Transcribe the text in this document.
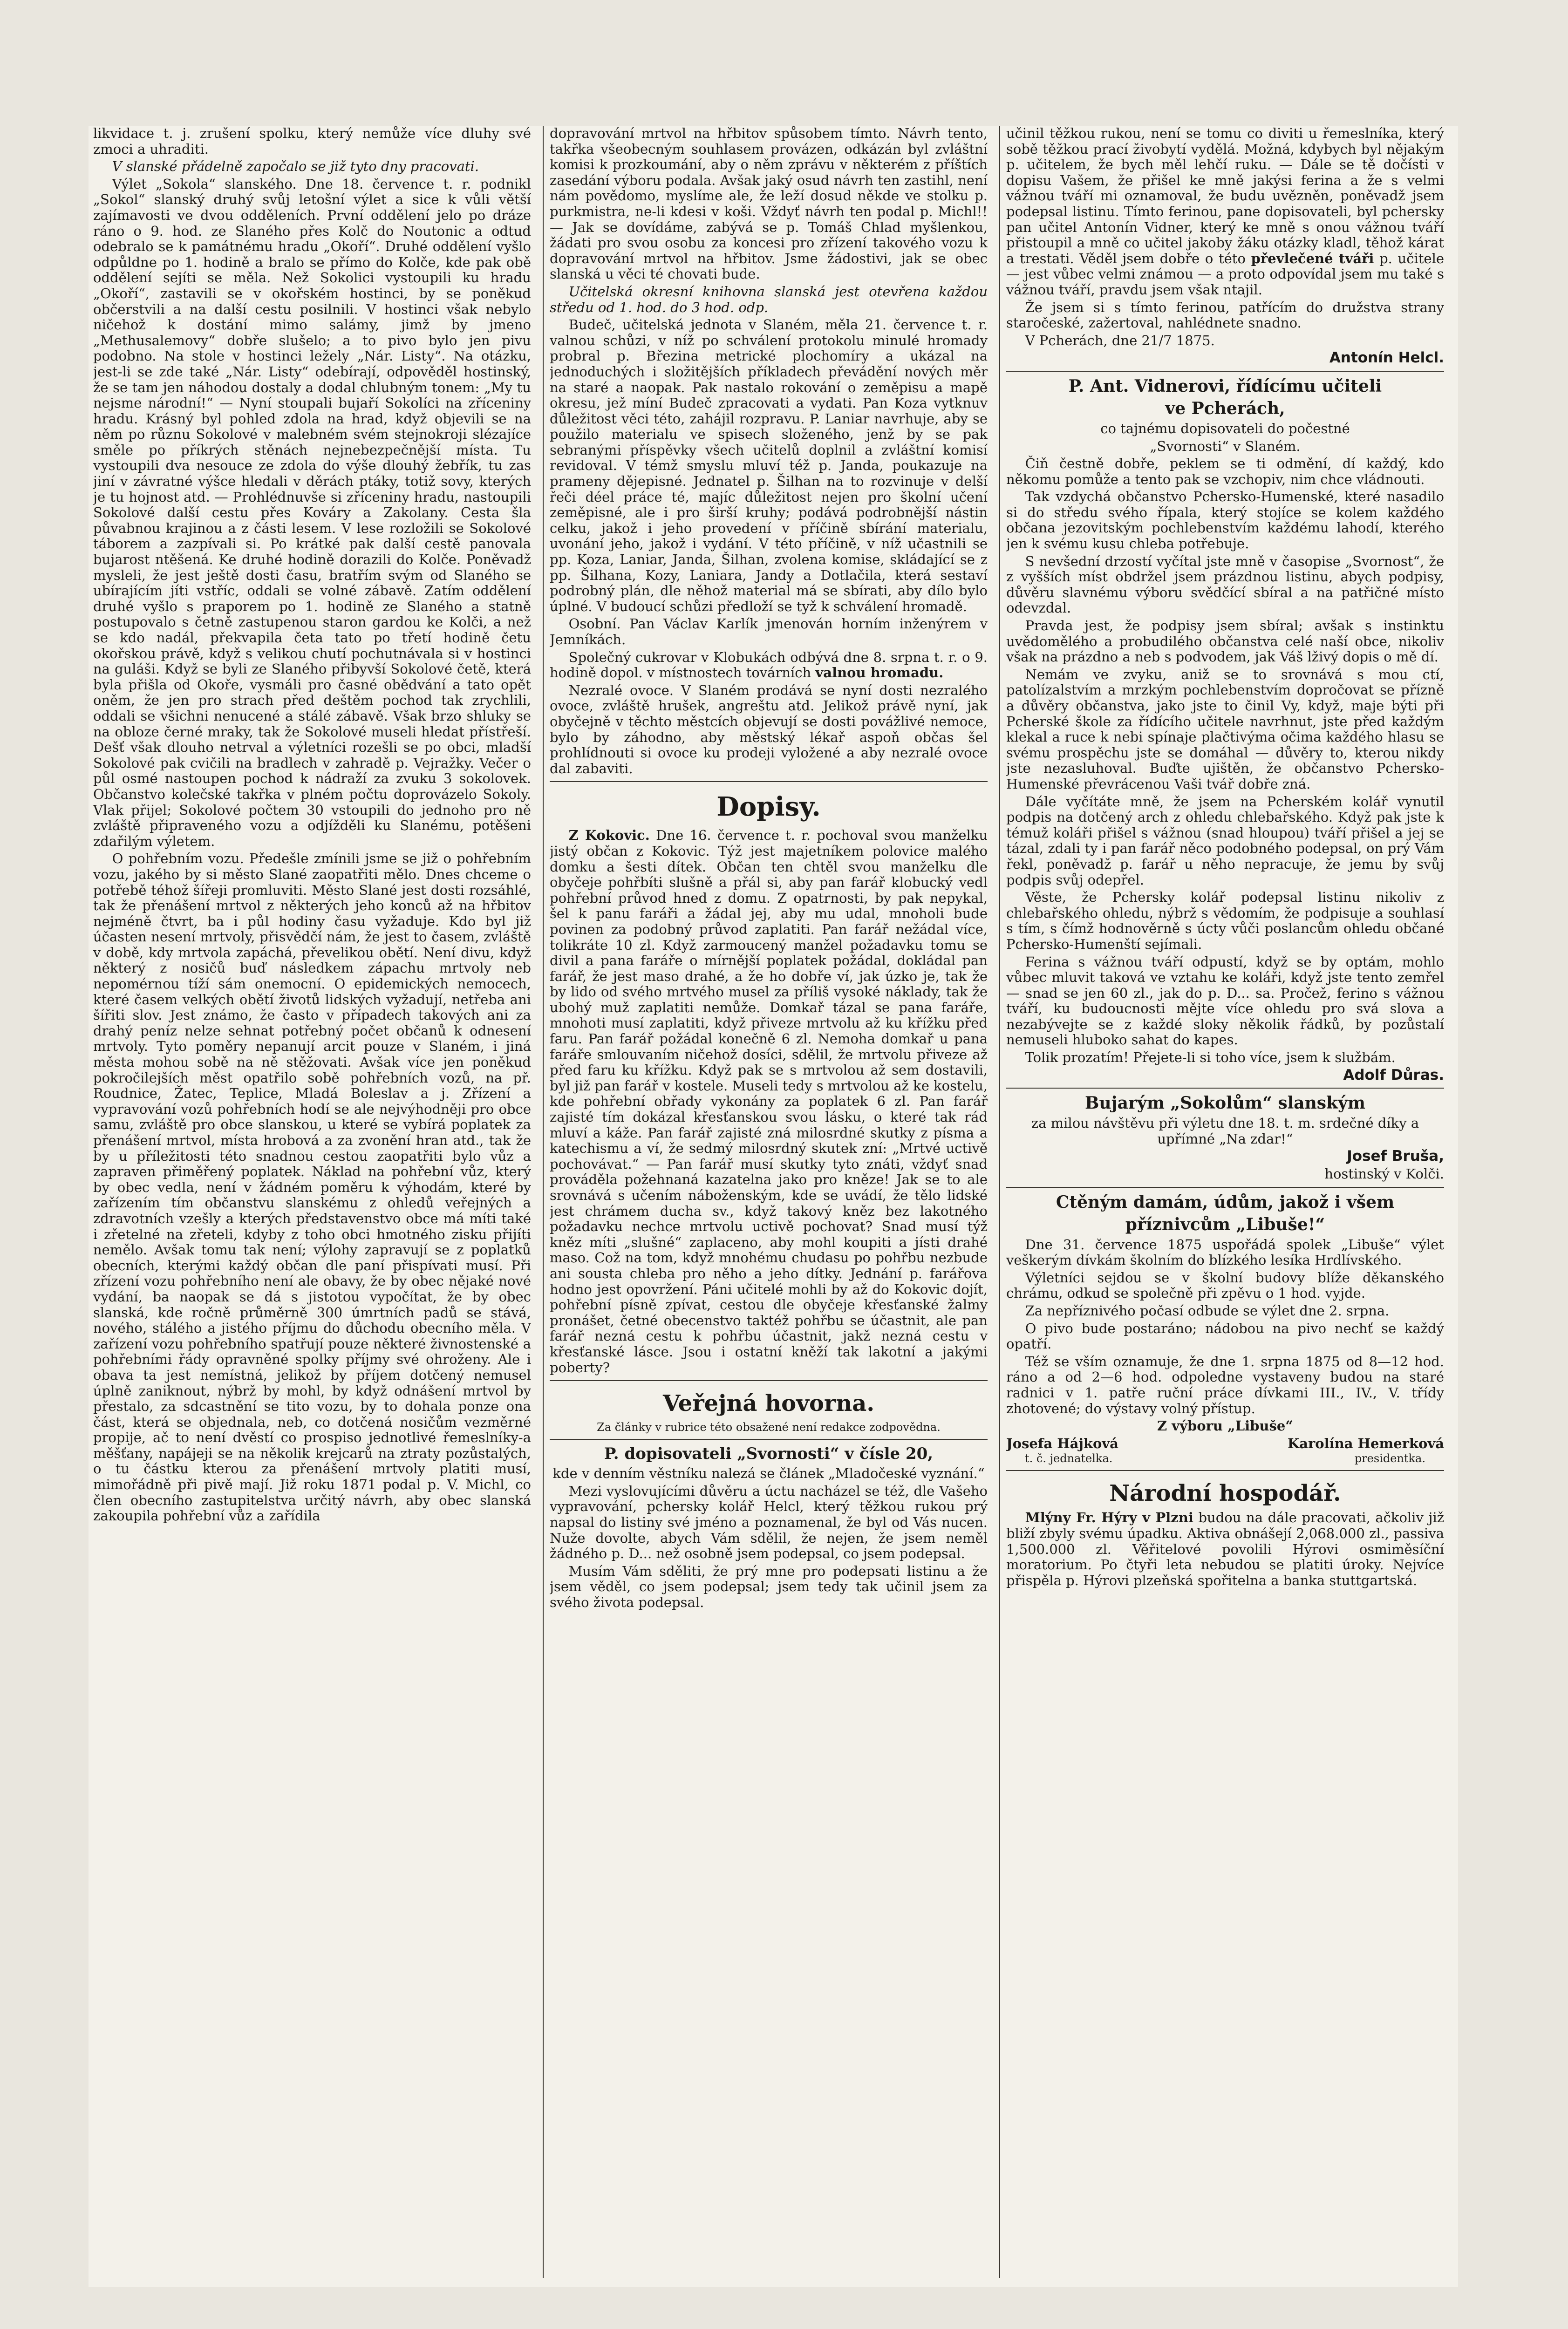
likvidace t. j. zrušení spolku, který nemůže více dluhy své zmoci a uhraditi.

V slanské přádelně započalo se již tyto dny pracovati.

Výlet „Sokola“ slanského. Dne 18. července t. r. podnikl „Sokol“ slanský druhý svůj letošní výlet a sice k vůli větší zajímavosti ve dvou odděleních. První oddělení jelo po dráze ráno o 9. hod. ze Slaného přes Kolč do Noutonic a odtud odebralo se k památnému hradu „Okoří“. Druhé oddělení vyšlo odpůldne po 1. hodině a bralo se přímo do Kolče, kde pak obě oddělení sejíti se měla. Než Sokolici vystoupili ku hradu „Okoří“, zastavili se v okořském hostinci, by se poněkud občerstvili a na další cestu posilnili. V hostinci však nebylo ničehož k dostání mimo salámy, jimž by jmeno „Methusalemovy“ dobře slušelo; a to pivo bylo jen pivu podobno. Na stole v hostinci ležely „Nár. Listy“. Na otázku, jest-li se zde také „Nár. Listy“ odebírají, odpověděl hostinský, že se tam jen náhodou dostaly a dodal chlubným tonem: „My tu nejsme národní!“ — Nyní stoupali bujaří Sokolíci na zříceniny hradu. Krásný byl pohled zdola na hrad, když objevili se na něm po různu Sokolové v malebném svém stejnokroji slézajíce směle po příkrých stěnách nejnebezpečnější místa. Tu vystoupili dva nesouce ze zdola do výše dlouhý žebřík, tu zas jiní v závratné výšce hledali v děrách ptáky, totiž sovy, kterých je tu hojnost atd. — Prohlédnuvše si zříceniny hradu, nastoupili Sokolové další cestu přes Kováry a Zakolany. Cesta šla půvabnou krajinou a z části lesem. V lese rozložili se Sokolové táborem a zazpívali si. Po krátké pak další cestě panovala bujarost ntěšená. Ke druhé hodině dorazili do Kolče. Poněvadž mysleli, že jest ještě dosti času, bratřím svým od Slaného se ubírajícím jíti vstříc, oddali se volné zábavě. Zatím oddělení druhé vyšlo s praporem po 1. hodině ze Slaného a statně postupovalo s četně zastupenou staron gardou ke Kolči, a než se kdo nadál, překvapila četa tato po třetí hodině četu okořskou právě, když s velikou chutí pochutnávala si v hostinci na guláši. Když se byli ze Slaného přibyvší Sokolové četě, která byla přišla od Okoře, vysmáli pro časné obědvání a tato opět oněm, že jen pro strach před deštěm pochod tak zrychlili, oddali se všichni nenucené a stálé zábavě. Však brzo shluky se na obloze černé mraky, tak že Sokolové museli hledat přístřeší. Dešť však dlouho netrval a výletníci rozešli se po obci, mladší Sokolové pak cvičili na bradlech v zahradě p. Vejražky. Večer o půl osmé nastoupen pochod k nádraží za zvuku 3 sokolovek. Občanstvo kolečské takřka v plném počtu doprovázelo Sokoly. Vlak přijel; Sokolové počtem 30 vstoupili do jednoho pro ně zvláště připraveného vozu a odjížděli ku Slanému, potěšeni zdařilým výletem.

O pohřebním vozu. Předešle zmínili jsme se již o pohřebním vozu, jakého by si město Slané zaopatřiti mělo. Dnes chceme o potřebě téhož šířeji promluviti. Město Slané jest dosti rozsáhlé, tak že přenášení mrtvol z některých jeho konců až na hřbitov nejméně čtvrt, ba i půl hodiny času vyžaduje. Kdo byl již účasten nesení mrtvoly, přisvědčí nám, že jest to časem, zvláště v době, kdy mrtvola zapáchá, převelikou obětí. Není divu, když některý z nosičů buď následkem zápachu mrtvoly neb nepomérnou tíží sám onemocní. O epidemických nemocech, které časem velkých obětí životů lidských vyžadují, netřeba ani šířiti slov. Jest známo, že často v případech takových ani za drahý peníz nelze sehnat potřebný počet občanů k odnesení mrtvoly. Tyto poměry nepanují arcit pouze v Slaném, i jiná města mohou sobě na ně stěžovati. Avšak více jen poněkud pokročilejších měst opatřilo sobě pohřebních vozů, na př. Roudnice, Žatec, Teplice, Mladá Boleslav a j. Zřízení a vypravování vozů pohřebních hodí se ale nejvýhodněji pro obce samu, zvláště pro obce slanskou, u které se vybírá poplatek za přenášení mrtvol, místa hrobová a za zvonění hran atd., tak že by u příležitosti této snadnou cestou zaopatřiti bylo vůz a zapraven přiměřený poplatek. Náklad na pohřební vůz, který by obec vedla, není v žádném poměru k výhodám, které by zařízením tím občanstvu slanskému z ohledů veřejných a zdravotních vzešly a kterých představenstvo obce má míti také i zřetelné na zřeteli, kdyby z toho obci hmotného zisku přijíti nemělo. Avšak tomu tak není; výlohy zapravují se z poplatků obecních, kterými každý občan dle paní přispívati musí. Při zřízení vozu pohřebního není ale obavy, že by obec nějaké nové vydání, ba naopak se dá s jistotou vypočítat, že by obec slanská, kde ročně průměrně 300 úmrtních padů se stává, nového, stálého a jistého příjmu do důchodu obecního měla. V zařízení vozu pohřebního spatřují pouze některé živnostenské a pohřebními řády opravněné spolky příjmy své ohroženy. Ale i obava ta jest nemístná, jelikož by příjem dotčený nemusel úplně zaniknout, nýbrž by mohl, by když odnášení mrtvol by přestalo, za sdcastnění se tito vozu, by to dohala ponze ona část, která se objednala, neb, co dotčená nosičům vezměrné propije, ač to není dvěstí co prospiso jednotlivé řemeslníky-a měšťany, napájeji se na několik krejcarů na ztraty pozůstalých, o tu částku kterou za přenášení mrtvoly platiti musí, mimořádně při pivě mají. Již roku 1871 podal p. V. Michl, co člen obecního zastupitelstva určitý návrh, aby obec slanská zakoupila pohřební vůz a zařídila

dopravování mrtvol na hřbitov spůsobem tímto. Návrh tento, takřka všeobecným souhlasem provázen, odkázán byl zvláštní komisi k prozkoumání, aby o něm zprávu v některém z příštích zasedání výboru podala. Avšak jaký osud návrh ten zastihl, není nám povědomo, myslíme ale, že leží dosud někde ve stolku p. purkmistra, ne-li kdesi v koši. Vždyť návrh ten podal p. Michl!! — Jak se dovídáme, zabývá se p. Tomáš Chlad myšlenkou, žádati pro svou osobu za koncesi pro zřízení takového vozu k dopravování mrtvol na hřbitov. Jsme žádostivi, jak se obec slanská u věci té chovati bude.

Učitelská okresní knihovna slanská jest otevřena každou středu od 1. hod. do 3 hod. odp.

Budeč, učitelská jednota v Slaném, měla 21. července t. r. valnou schůzi, v níž po schválení protokolu minulé hromady probral p. Březina metrické plochomíry a ukázal na jednoduchých i složitějších příkladech převádění nových měr na staré a naopak. Pak nastalo rokování o zeměpisu a mapě okresu, jež míní Budeč zpracovati a vydati. Pan Koza vytknuv důležitost věci této, zahájil rozpravu. P. Laniar navrhuje, aby se použilo materialu ve spisech složeného, jenž by se pak sebranými příspěvky všech učitelů doplnil a zvláštní komisí revidoval. V témž smyslu mluví též p. Janda, poukazuje na prameny dějepisné. Jednatel p. Šilhan na to rozvinuje v delší řeči déel práce té, majíc důležitost nejen pro školní učení zeměpisné, ale i pro širší kruhy; podává podrobnější nástin celku, jakož i jeho provedení v příčině sbírání materialu, uvonání jeho, jakož i vydání. V této příčině, v níž učastnili se pp. Koza, Laniar, Janda, Šilhan, zvolena komise, skládající se z pp. Šilhana, Kozy, Laniara, Jandy a Dotlačila, která sestaví podrobný plán, dle něhož material má se sbírati, aby dílo bylo úplné. V budoucí schůzi předloží se tyž k schválení hromadě.

Osobní. Pan Václav Karlík jmenován horním inženýrem v Jemníkách.

Společný cukrovar v Klobukách odbývá dne 8. srpna t. r. o 9. hodině dopol. v místnostech továrních valnou hromadu.

Nezralé ovoce. V Slaném prodává se nyní dosti nezralého ovoce, zvláště hrušek, angreštu atd. Jelikož právě nyní, jak obyčejně v těchto městcích objevují se dosti povážlivé nemoce, bylo by záhodno, aby městský lékař aspoň občas šel prohlídnouti si ovoce ku prodeji vyložené a aby nezralé ovoce dal zabaviti.

Dopisy.

Z Kokovic. Dne 16. července t. r. pochoval svou manželku jistý občan z Kokovic. Týž jest majetníkem polovice malého domku a šesti dítek. Občan ten chtěl svou manželku dle obyčeje pohřbíti slušně a přál si, aby pan farář klobucký vedl pohřební průvod hned z domu. Z opatrnosti, by pak nepykal, šel k panu faráři a žádal jej, aby mu udal, mnoholi bude povinen za podobný průvod zaplatiti. Pan farář nežádal více, tolikráte 10 zl. Když zarmoucený manžel požadavku tomu se divil a pana faráře o mírnější poplatek požádal, dokládal pan farář, že jest maso drahé, a že ho dobře ví, jak úzko je, tak že by lido od svého mrtvého musel za příliš vysoké náklady, tak že ubohý muž zaplatiti nemůže. Domkař tázal se pana faráře, mnohoti musí zaplatiti, když přiveze mrtvolu až ku křížku před faru. Pan farář požádal konečně 6 zl. Nemoha domkař u pana faráře smlouvaním ničehož dosíci, sdělil, že mrtvolu přiveze až před faru ku křížku. Když pak se s mrtvolou až sem dostavili, byl již pan farář v kostele. Museli tedy s mrtvolou až ke kostelu, kde pohřební obřady vykonány za poplatek 6 zl. Pan farář zajisté tím dokázal křesťanskou svou lásku, o které tak rád mluví a káže. Pan farář zajisté zná milosrdné skutky z písma a katechismu a ví, že sedmý milosrdný skutek zní: „Mrtvé uctivě pochovávat.“ — Pan farář musí skutky tyto znáti, vždyť snad prováděla požehnaná kazatelna jako pro kněze! Jak se to ale srovnává s učením náboženským, kde se uvádí, že tělo lidské jest chrámem ducha sv., když takový kněz bez lakotného požadavku nechce mrtvolu uctivě pochovat? Snad musí týž kněz míti „slušné“ zaplaceno, aby mohl koupiti a jísti drahé maso. Což na tom, když mnohému chudasu po pohřbu nezbude ani sousta chleba pro něho a jeho dítky. Jednání p. farářova hodno jest opovržení. Páni učitelé mohli by až do Kokovic dojít, pohřební písně zpívat, cestou dle obyčeje křesťanské žalmy pronášet, četné obecenstvo taktéž pohřbu se účastnit, ale pan farář nezná cestu k pohřbu účastnit, jakž nezná cestu v křesťanské lásce. Jsou i ostatní kněží tak lakotní a jakými poberty?

Veřejná hovorna.

Za články v rubrice této obsažené není redakce zodpovědna.

P. dopisovateli „Svornosti“ v čísle 20,

kde v denním věstníku nalezá se článek „Mladočeské vyznání.“

Mezi vyslovujícími důvěru a úctu nacházel se též, dle Vašeho vypravování, pchersky kolář Helcl, který těžkou rukou prý napsal do listiny své jméno a poznamenal, že byl od Vás nucen. Nuže dovolte, abych Vám sdělil, že nejen, že jsem neměl žádného p. D... než osobně jsem podepsal, co jsem podepsal.

Musím Vám sděliti, že prý mne pro podepsati listinu a že jsem věděl, co jsem podepsal; jsem tedy tak učinil jsem za svého života podepsal.

učinil těžkou rukou, není se tomu co diviti u řemeslníka, který sobě těžkou prací živobytí vydělá. Možná, kdybych byl nějakým p. učitelem, že bych měl lehčí ruku. — Dále se tě dočísti v dopisu Vašem, že přišel ke mně jakýsi ferina a že s velmi vážnou tváří mi oznamoval, že budu uvězněn, poněvadž jsem podepsal listinu. Tímto ferinou, pane dopisovateli, byl pchersky pan učitel Antonín Vidner, který ke mně s onou vážnou tváří přistoupil a mně co učitel jakoby žáku otázky kladl, těhož kárat a trestati. Věděl jsem dobře o této převlečené tváři p. učitele — jest vůbec velmi známou — a proto odpovídal jsem mu také s vážnou tváří, pravdu jsem však ntajil.

Že jsem si s tímto ferinou, patřícím do družstva strany staročeské, zažertoval, nahlédnete snadno.

V Pcherách, dne 21/7 1875.

Antonín Helcl.

P. Ant. Vidnerovi, řídícímu učiteli
ve Pcherách,

co tajnému dopisovateli do počestné

„Svornosti“ v Slaném.

Čiň čestně dobře, peklem se ti odmění, dí každý, kdo někomu pomůže a tento pak se vzchopiv, nim chce vládnouti.

Tak vzdychá občanstvo Pchersko-Humenské, které nasadilo si do středu svého řípala, který stojíce se kolem každého občana jezovitským pochlebenstvím každému lahodí, kterého jen k svému kusu chleba potřebuje.

S nevšední drzostí vyčítal jste mně v časopise „Svornost“, že z vyšších míst obdržel jsem prázdnou listinu, abych podpisy, důvěru slavnému výboru svědčící sbíral a na patřičné místo odevzdal.

Pravda jest, že podpisy jsem sbíral; avšak s instinktu uvědomělého a probudilého občanstva celé naší obce, nikoliv však na prázdno a neb s podvodem, jak Váš lživý dopis o mě dí.

Nemám ve zvyku, aniž se to srovnává s mou ctí, patolízalstvím a mrzkým pochlebenstvím dopročovat se přízně a důvěry občanstva, jako jste to činil Vy, když, maje býti při Pcherské škole za řídícího učitele navrhnut, jste před každým klekal a ruce k nebi spínaje plačtivýma očima každého hlasu se svému prospěchu jste se domáhal — důvěry to, kterou nikdy jste nezasluhoval. Buďte ujištěn, že občanstvo Pchersko-Humenské převrácenou Vaši tvář dobře zná.

Dále vyčítáte mně, že jsem na Pcherském kolář vynutil podpis na dotčený arch z ohledu chlebařského. Když pak jste k témuž koláři přišel s vážnou (snad hloupou) tváří přišel a jej se tázal, zdali ty i pan farář něco podobného podepsal, on prý Vám řekl, poněvadž p. farář u něho nepracuje, že jemu by svůj podpis svůj odepřel.

Věste, že Pchersky kolář podepsal listinu nikoliv z chlebařského ohledu, nýbrž s vědomím, že podpisuje a souhlasí s tím, s čímž hodnověrně s úcty vůči poslancům ohledu občané Pchersko-Humenští sejímali.

Ferina s vážnou tváří odpustí, když se by optám, mohlo vůbec mluvit taková ve vztahu ke koláři, když jste tento zemřel — snad se jen 60 zl., jak do p. D... sa. Pročež, ferino s vážnou tváří, ku budoucnosti mějte více ohledu pro svá slova a nezabývejte se z každé sloky několik řádků, by pozůstalí nemuseli hluboko sahat do kapes.

Tolik prozatím! Přejete-li si toho více, jsem k službám.

Adolf Důras.

Bujarým „Sokolům“ slanským

za milou návštěvu při výletu dne 18. t. m. srdečné díky a upřímné „Na zdar!“

Josef Bruša,

hostinský v Kolči.

Ctěným damám, údům, jakož i všem
příznivcům „Libuše!“

Dne 31. července 1875 uspořádá spolek „Libuše“ výlet veškerým dívkám školním do blízkého lesíka Hrdlívského.

Výletníci sejdou se v školní budovy blíže děkanského chrámu, odkud se společně při zpěvu o 1 hod. vyjde.

Za nepříznivého počasí odbude se výlet dne 2. srpna.

O pivo bude postaráno; nádobou na pivo nechť se každý opatří.

Též se vším oznamuje, že dne 1. srpna 1875 od 8—12 hod. ráno a od 2—6 hod. odpoledne vystaveny budou na staré radnici v 1. patře ruční práce dívkami III., IV., V. třídy zhotovené; do výstavy volný přístup.

Z výboru „Libuše“

Josefa Hájková	Karolína Hemerková
t. č. jednatelka.	presidentka.
Národní hospodář.

Mlýny Fr. Hýry v Plzni budou na dále pracovati, ačkoliv již bliží zbyly svému úpadku. Aktiva obnášejí 2,068.000 zl., passiva 1,500.000 zl. Věřitelové povolili Hýrovi osmiměsíční moratorium. Po čtyři leta nebudou se platiti úroky. Nejvíce přispěla p. Hýrovi plzeňská spořitelna a banka stuttgartská.
